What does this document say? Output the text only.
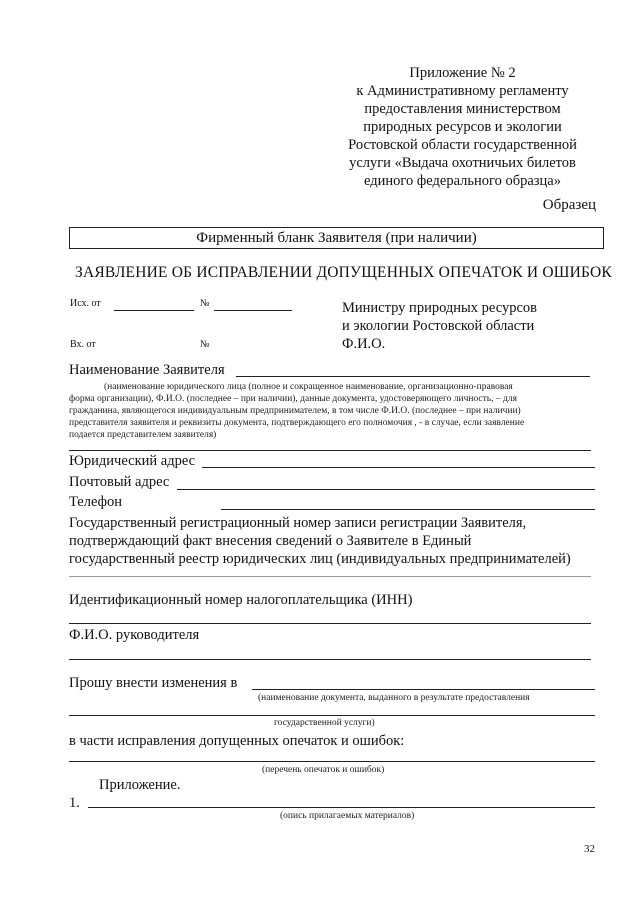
Приложение № 2
к Административному регламенту
предоставления министерством
природных ресурсов и экологии
Ростовской области государственной
услуги «Выдача охотничьих билетов
единого федерального образца»
Образец
Фирменный бланк Заявителя (при наличии)
ЗАЯВЛЕНИЕ ОБ ИСПРАВЛЕНИИ ДОПУЩЕННЫХ ОПЕЧАТОК И ОШИБОК
Исх. от	№
Вх. от	№
Министру природных ресурсов
и экологии Ростовской области
Ф.И.О.
Наименование Заявителя
(наименование юридического лица (полное и сокращенное наименование, организационно-правовая
форма организации), Ф.И.О. (последнее – при наличии), данные документа, удостоверяющего личность, – для
гражданина, являющегося индивидуальным предпринимателем, в том числе Ф.И.О. (последнее – при наличии)
представителя заявителя и реквизиты документа, подтверждающего его полномочия , - в случае, если заявление
подается представителем заявителя)
Юридический адрес
Почтовый адрес
Телефон
Государственный регистрационный номер записи регистрации Заявителя,
подтверждающий факт внесения сведений о Заявителе в Единый
государственный реестр юридических лиц (индивидуальных предпринимателей)
Идентификационный номер налогоплательщика (ИНН)
Ф.И.О. руководителя
Прошу внести изменения в
(наименование документа, выданного в результате предоставления
государственной услуги)
в части исправления допущенных опечаток и ошибок:
(перечень опечаток и ошибок)
Приложение.
1.
(опись прилагаемых материалов)
32
